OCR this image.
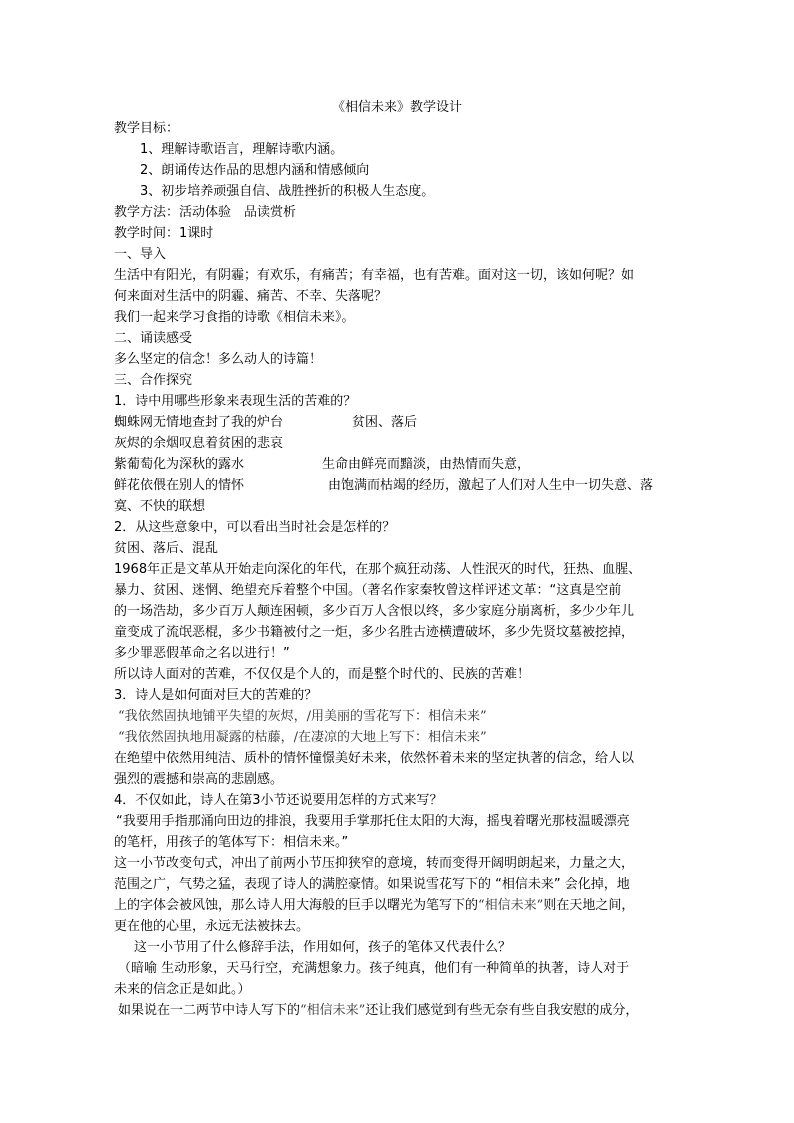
《相信未来》教学设计
教学目标：
1、理解诗歌语言，理解诗歌内涵。
2、朗诵传达作品的思想内涵和情感倾向
3、初步培养顽强自信、战胜挫折的积极人生态度。
教学方法：活动体验　品读赏析
教学时间：1课时
一、导入
生活中有阳光，有阴霾；有欢乐，有痛苦；有幸福，也有苦难。面对这一切，该如何呢？如
何来面对生活中的阴霾、痛苦、不幸、失落呢？
我们一起来学习食指的诗歌《相信未来》。
二、诵读感受
多么坚定的信念！多么动人的诗篇！
三、合作探究
1．诗中用哪些形象来表现生活的苦难的？
蜘蛛网无情地查封了我的炉台	贫困、落后
灰烬的余烟叹息着贫困的悲哀
紫葡萄化为深秋的露水	生命由鲜亮而黯淡，由热情而失意，
鲜花依偎在别人的情怀	由饱满而枯竭的经历，激起了人们对人生中一切失意、落
寞、不快的联想
2．从这些意象中，可以看出当时社会是怎样的？
贫困、落后、混乱
1968年正是文革从开始走向深化的年代，在那个疯狂动荡、人性泯灭的时代，狂热、血腥、
暴力、贫困、迷惘、绝望充斥着整个中国。（著名作家秦牧曾这样评述文革：“这真是空前
的一场浩劫，多少百万人颠连困顿，多少百万人含恨以终，多少家庭分崩离析，多少少年儿
童变成了流氓恶棍，多少书籍被付之一炬，多少名胜古迹横遭破坏，多少先贤坟墓被挖掉，
多少罪恶假革命之名以进行！”
所以诗人面对的苦难，不仅仅是个人的，而是整个时代的、民族的苦难！
3．诗人是如何面对巨大的苦难的？
“我依然固执地铺平失望的灰烬，/用美丽的雪花写下：相信未来”
“我依然固执地用凝露的枯藤，/在凄凉的大地上写下：相信未来”
在绝望中依然用纯洁、质朴的情怀憧憬美好未来，依然怀着未来的坚定执著的信念，给人以
强烈的震撼和崇高的悲剧感。
4．不仅如此，诗人在第3小节还说要用怎样的方式来写？
“我要用手指那涌向田边的排浪，我要用手掌那托住太阳的大海，摇曳着曙光那枝温暖漂亮
的笔杆，用孩子的笔体写下：相信未来。”
这一小节改变句式，冲出了前两小节压抑狭窄的意境，转而变得开阔明朗起来，力量之大，
范围之广，气势之猛，表现了诗人的满腔豪情。如果说雪花写下的 “相信未来” 会化掉，地
上的字体会被风蚀，那么诗人用大海般的巨手以曙光为笔写下的“相信未来”则在天地之间，
更在他的心里，永远无法被抹去。
这一小节用了什么修辞手法，作用如何，孩子的笔体又代表什么？
（暗喻 生动形象，天马行空，充满想象力。孩子纯真，他们有一种简单的执著，诗人对于
未来的信念正是如此。）
如果说在一二两节中诗人写下的“相信未来”还让我们感觉到有些无奈有些自我安慰的成分，
